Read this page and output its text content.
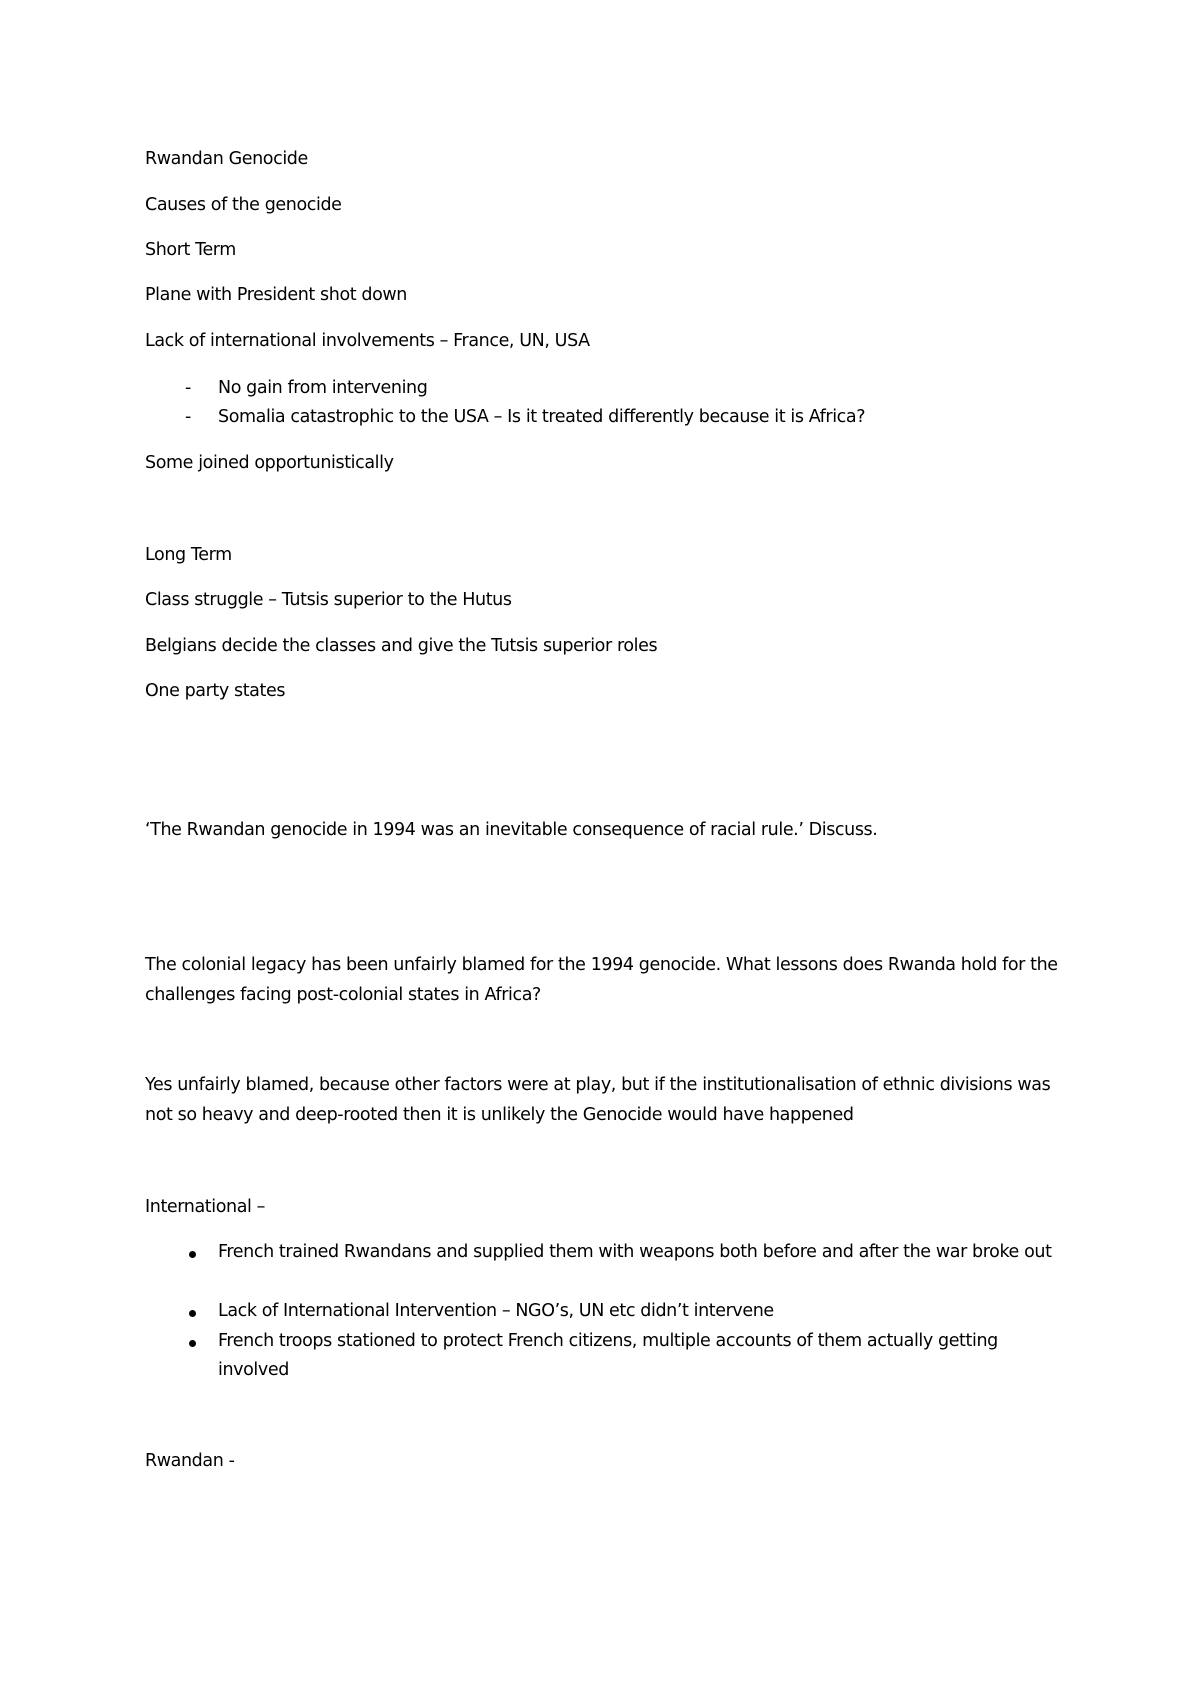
Rwandan Genocide
Causes of the genocide
Short Term
Plane with President shot down
Lack of international involvements – France, UN, USA
- No gain from intervening
- Somalia catastrophic to the USA – Is it treated differently because it is Africa?
Some joined opportunistically
Long Term
Class struggle – Tutsis superior to the Hutus
Belgians decide the classes and give the Tutsis superior roles
One party states
‘The Rwandan genocide in 1994 was an inevitable consequence of racial rule.’ Discuss.
The colonial legacy has been unfairly blamed for the 1994 genocide. What lessons does Rwanda hold for the challenges facing post-colonial states in Africa?
Yes unfairly blamed, because other factors were at play, but if the institutionalisation of ethnic divisions was not so heavy and deep-rooted then it is unlikely the Genocide would have happened
International –
French trained Rwandans and supplied them with weapons both before and after the war broke out
Lack of International Intervention – NGO’s, UN etc didn’t intervene
French troops stationed to protect French citizens, multiple accounts of them actually getting involved
Rwandan -
